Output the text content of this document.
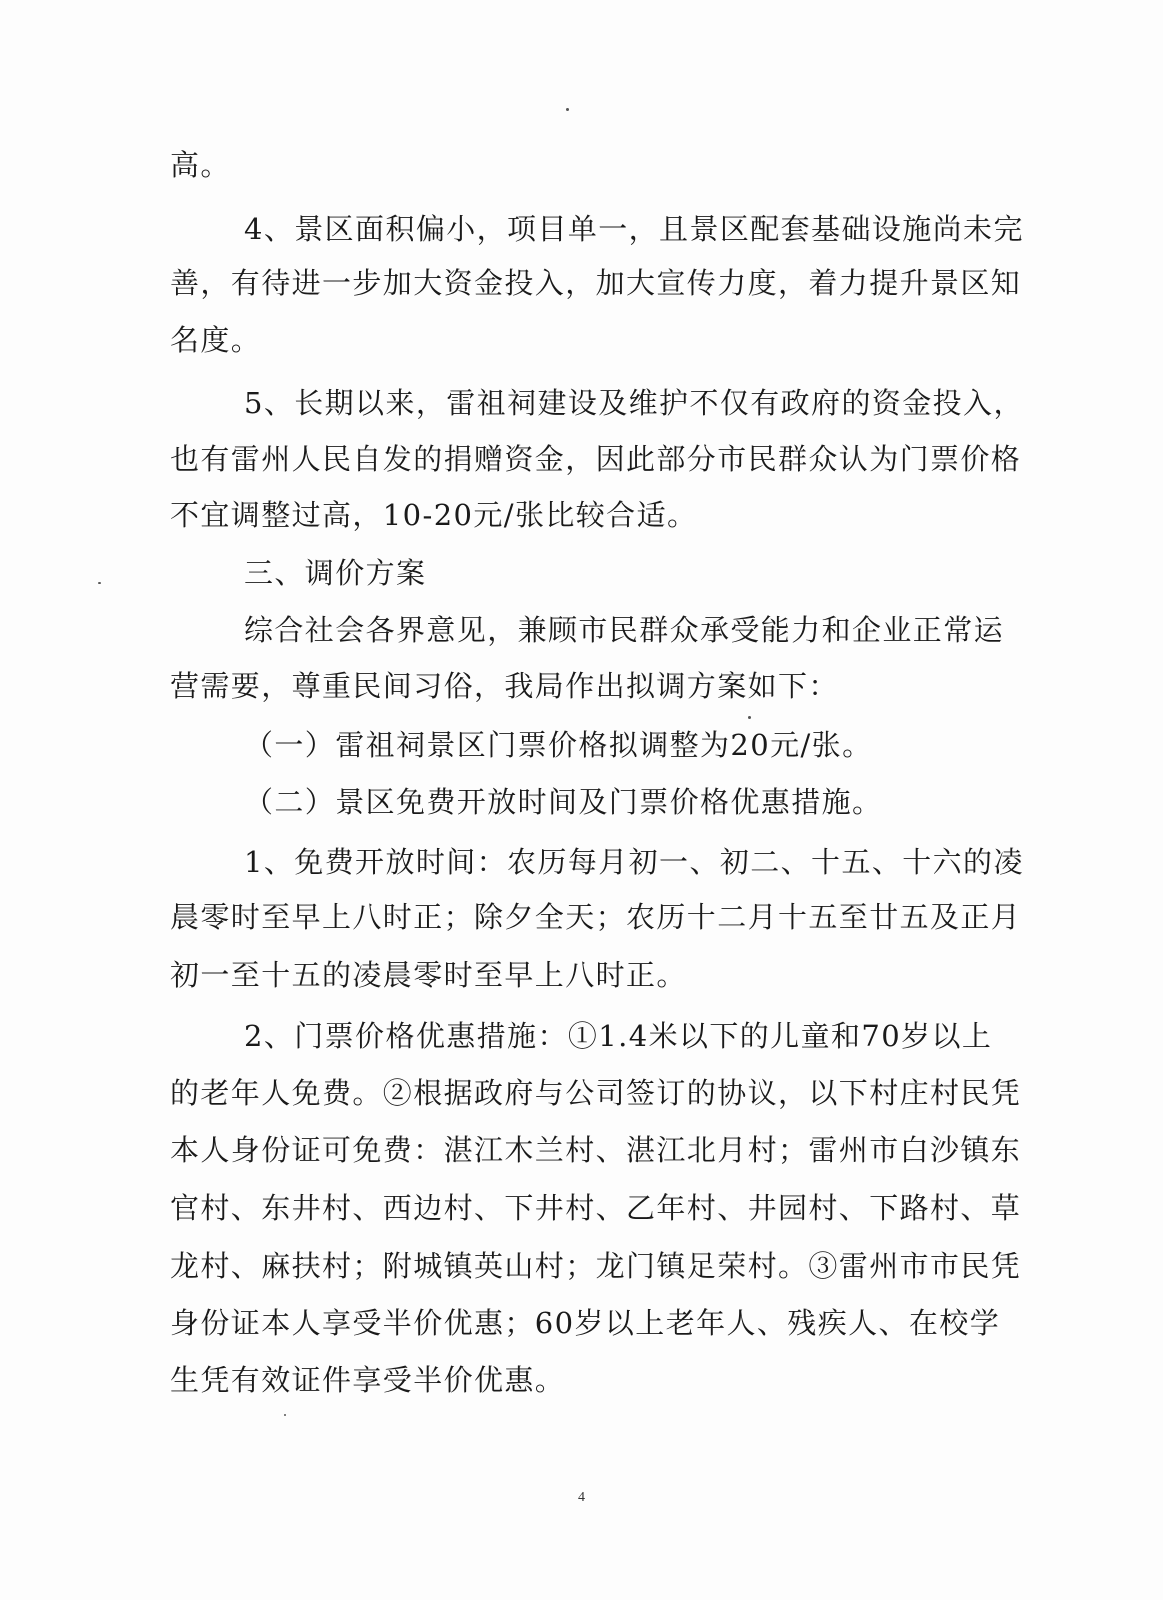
高。
4、景区面积偏小，项目单一，且景区配套基础设施尚未完
善，有待进一步加大资金投入，加大宣传力度，着力提升景区知
名度。
5、长期以来，雷祖祠建设及维护不仅有政府的资金投入，
也有雷州人民自发的捐赠资金，因此部分市民群众认为门票价格
不宜调整过高，10-20元/张比较合适。
三、调价方案
综合社会各界意见，兼顾市民群众承受能力和企业正常运
营需要，尊重民间习俗，我局作出拟调方案如下：
（一）雷祖祠景区门票价格拟调整为20元/张。
（二）景区免费开放时间及门票价格优惠措施。
1、免费开放时间：农历每月初一、初二、十五、十六的凌
晨零时至早上八时正；除夕全天；农历十二月十五至廿五及正月
初一至十五的凌晨零时至早上八时正。
2、门票价格优惠措施：①1.4米以下的儿童和70岁以上
的老年人免费。②根据政府与公司签订的协议，以下村庄村民凭
本人身份证可免费：湛江木兰村、湛江北月村；雷州市白沙镇东
官村、东井村、西边村、下井村、乙年村、井园村、下路村、草
龙村、麻扶村；附城镇英山村；龙门镇足荣村。③雷州市市民凭
身份证本人享受半价优惠；60岁以上老年人、残疾人、在校学
生凭有效证件享受半价优惠。
4
